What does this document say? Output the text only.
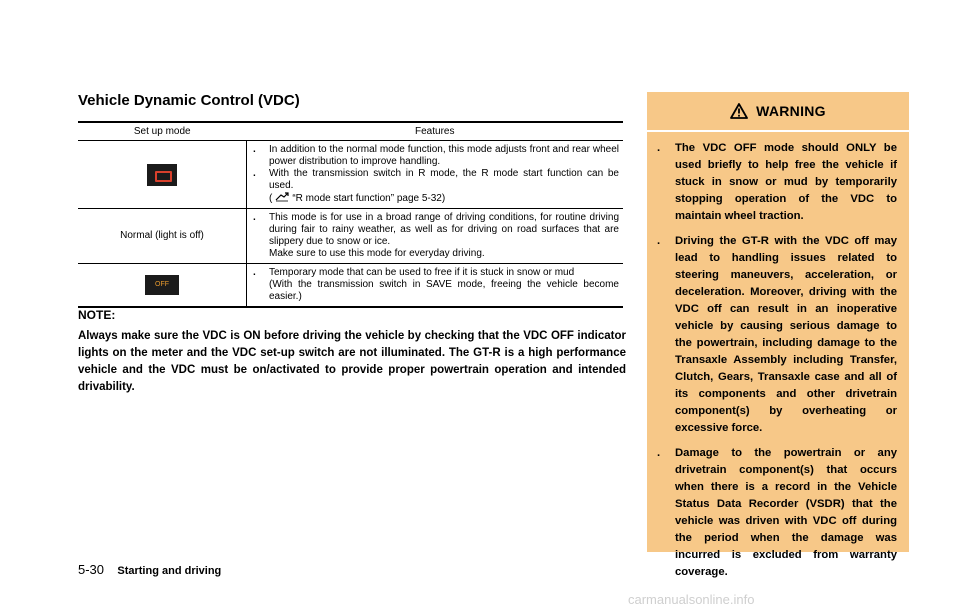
Vehicle Dynamic Control (VDC)
Set up mode	Features

	. In addition to the normal mode function, this mode adjusts front and rear wheel power distribution to improve handling.
. With the transmission switch in R mode, the R mode start function can be used.
( “R mode start function” page 5-32)

Normal (light is off)	. This mode is for use in a broad range of driving conditions, for routine driving during fair to rainy weather, as well as for driving on road surfaces that are slippery due to snow or ice.
Make sure to use this mode for everyday driving.

OFF	. Temporary mode that can be used to free if it is stuck in snow or mud
(With the transmission switch in SAVE mode, freeing the vehicle become easier.)

NOTE:

Always make sure the VDC is ON before driving the vehicle by checking that the VDC OFF indicator lights on the meter and the VDC set-up switch are not illuminated. The GT-R is a high performance vehicle and the VDC must be on/activated to provide proper powertrain operation and intended drivability.

WARNING
.	The VDC OFF mode should ONLY be used briefly to help free the vehicle if stuck in snow or mud by temporarily stopping operation of the VDC to maintain wheel traction.
.	Driving the GT-R with the VDC off may lead to handling issues related to steering maneuvers, acceleration, or deceleration. Moreover, driving with the VDC off can result in an inoperative vehicle by causing serious damage to the powertrain, including damage to the Transaxle Assembly including Transfer, Clutch, Gears, Transaxle case and all of its components and other drivetrain component(s) by overheating or excessive force.
.	Damage to the powertrain or any drivetrain component(s) that occurs when there is a record in the Vehicle Status Data Recorder (VSDR) that the vehicle was driven with VDC off during the period when the damage was incurred is excluded from warranty coverage.
5-30 Starting and driving
carmanualsonline.info
